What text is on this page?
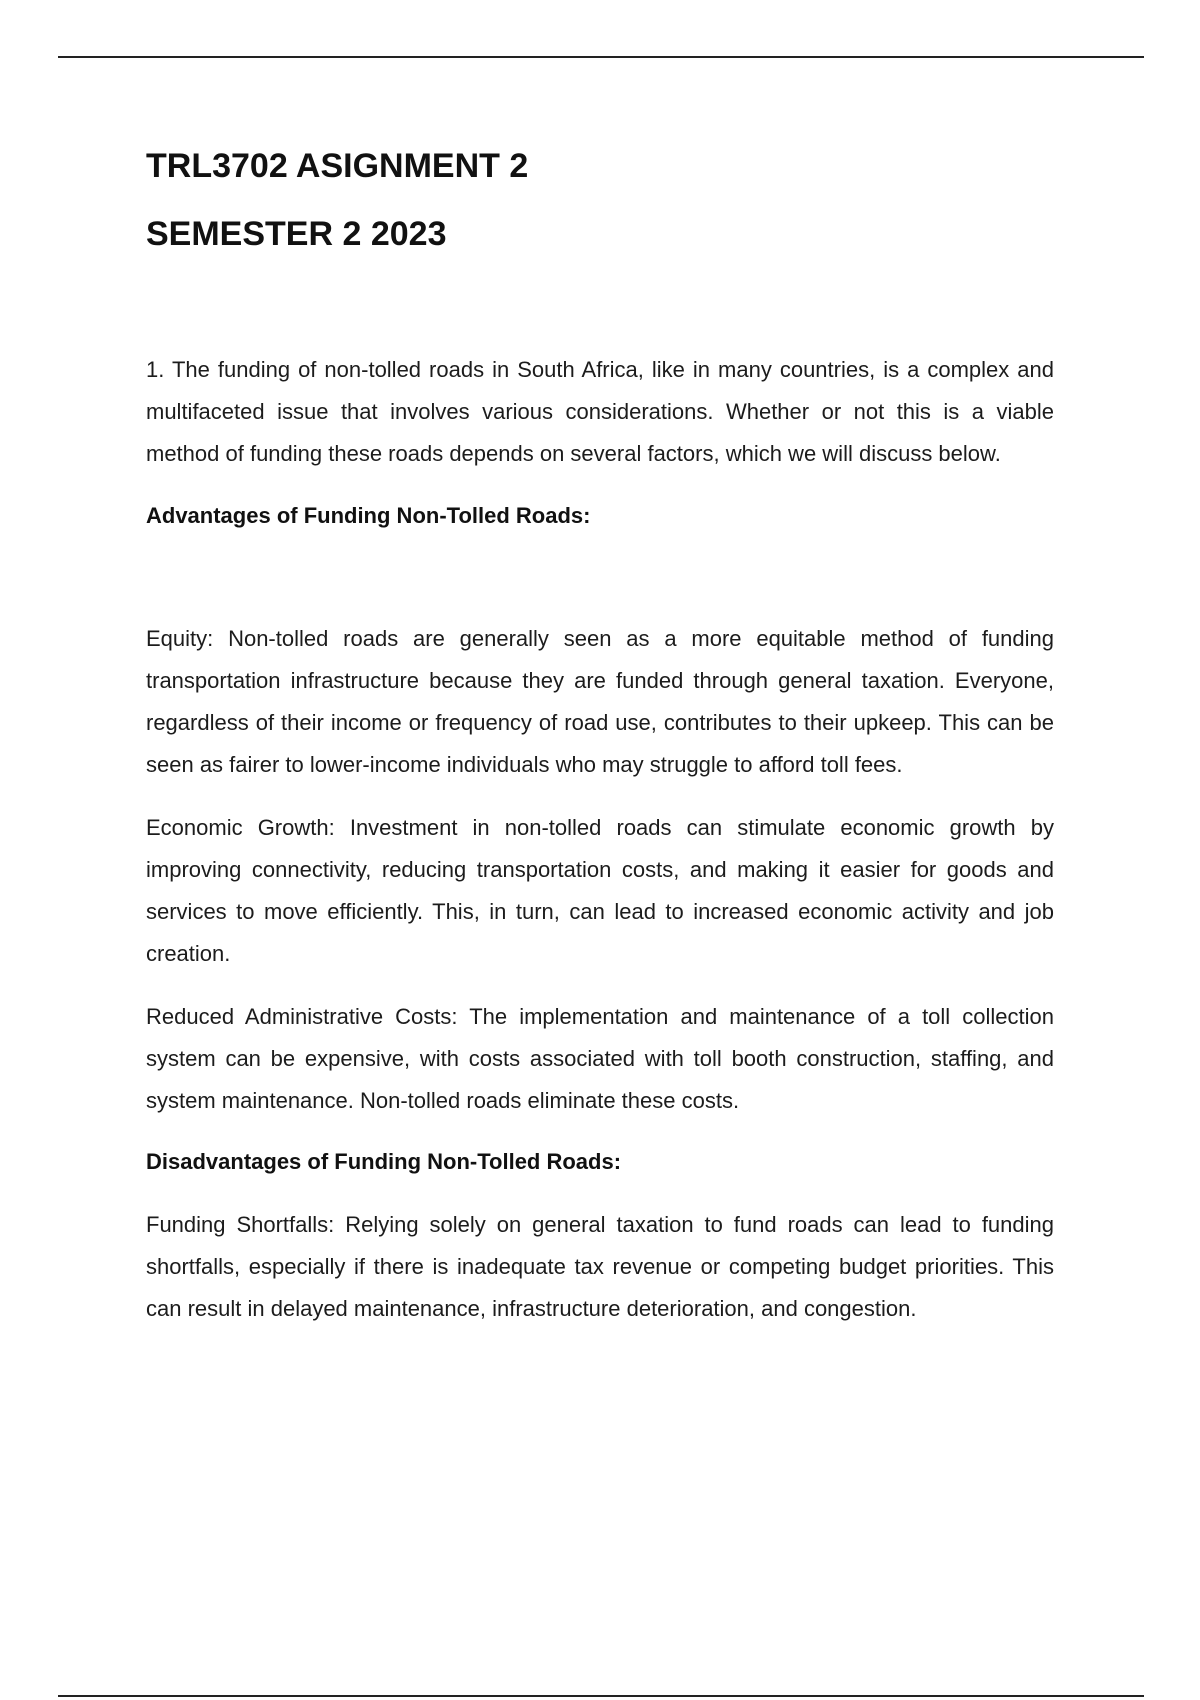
TRL3702 ASIGNMENT 2
SEMESTER 2 2023

1. The funding of non-tolled roads in South Africa, like in many countries, is a complex and multifaceted issue that involves various considerations. Whether or not this is a viable method of funding these roads depends on several factors, which we will discuss below.

Advantages of Funding Non-Tolled Roads:

Equity: Non-tolled roads are generally seen as a more equitable method of funding transportation infrastructure because they are funded through general taxation. Everyone, regardless of their income or frequency of road use, contributes to their upkeep. This can be seen as fairer to lower-income individuals who may struggle to afford toll fees.

Economic Growth: Investment in non-tolled roads can stimulate economic growth by improving connectivity, reducing transportation costs, and making it easier for goods and services to move efficiently. This, in turn, can lead to increased economic activity and job creation.

Reduced Administrative Costs: The implementation and maintenance of a toll collection system can be expensive, with costs associated with toll booth construction, staffing, and system maintenance. Non-tolled roads eliminate these costs.

Disadvantages of Funding Non-Tolled Roads:

Funding Shortfalls: Relying solely on general taxation to fund roads can lead to funding shortfalls, especially if there is inadequate tax revenue or competing budget priorities. This can result in delayed maintenance, infrastructure deterioration, and congestion.
